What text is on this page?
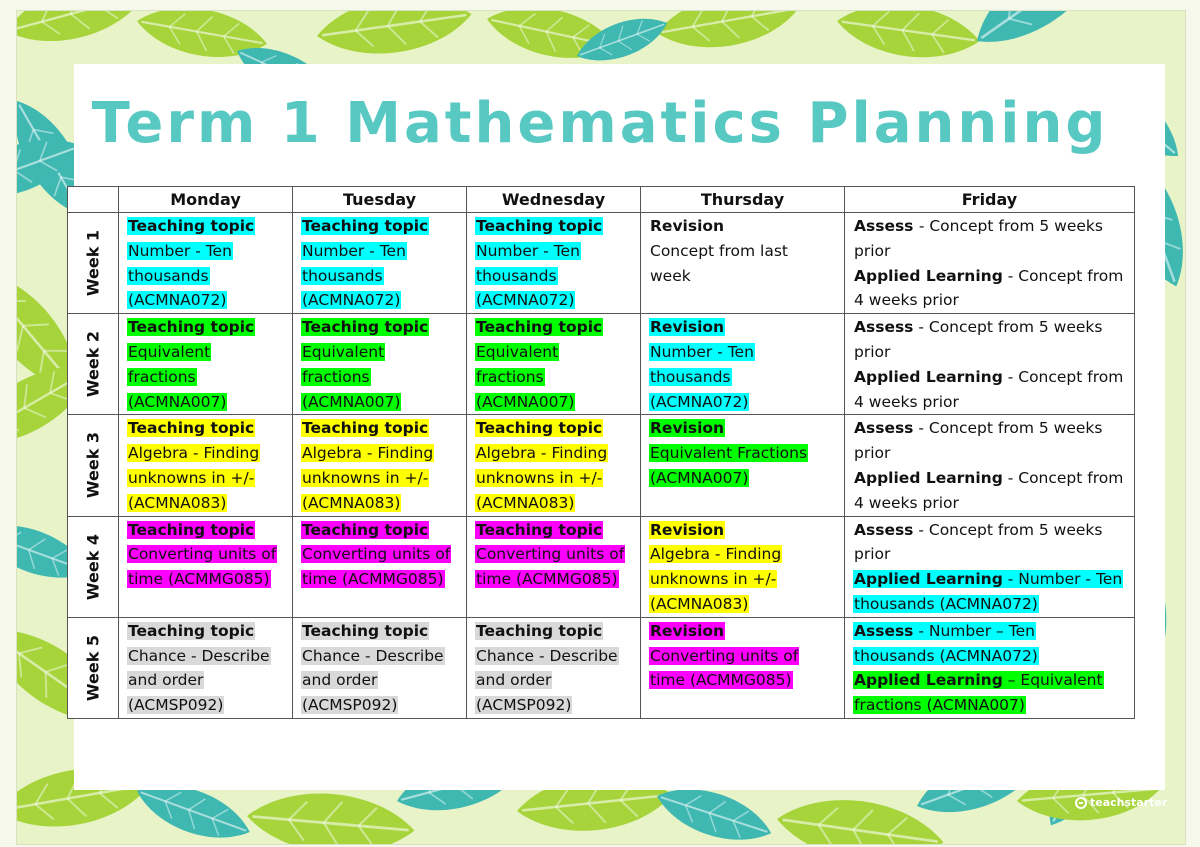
Term 1 Mathematics Planning
	Monday	Tuesday	Wednesday	Thursday	Friday

Week 1	Teaching topic
Number - Ten
thousands
(ACMNA072)	Teaching topic
Number - Ten
thousands
(ACMNA072)	Teaching topic
Number - Ten
thousands
(ACMNA072)	Revision
Concept from last
week	Assess - Concept from 5 weeks
prior
Applied Learning - Concept from
4 weeks prior

Week 2	Teaching topic
Equivalent
fractions
(ACMNA007)	Teaching topic
Equivalent
fractions
(ACMNA007)	Teaching topic
Equivalent
fractions
(ACMNA007)	Revision
Number - Ten
thousands
(ACMNA072)	Assess - Concept from 5 weeks
prior
Applied Learning - Concept from
4 weeks prior

Week 3	Teaching topic
Algebra - Finding
unknowns in +/-
(ACMNA083)	Teaching topic
Algebra - Finding
unknowns in +/-
(ACMNA083)	Teaching topic
Algebra - Finding
unknowns in +/-
(ACMNA083)	Revision
Equivalent Fractions
(ACMNA007)	Assess - Concept from 5 weeks
prior
Applied Learning - Concept from
4 weeks prior

Week 4	Teaching topic
Converting units of
time (ACMMG085)	Teaching topic
Converting units of
time (ACMMG085)	Teaching topic
Converting units of
time (ACMMG085)	Revision
Algebra - Finding
unknowns in +/-
(ACMNA083)	Assess - Concept from 5 weeks
prior
Applied Learning - Number - Ten
thousands (ACMNA072)

Week 5	Teaching topic
Chance - Describe
and order
(ACMSP092)	Teaching topic
Chance - Describe
and order
(ACMSP092)	Teaching topic
Chance - Describe
and order
(ACMSP092)	Revision
Converting units of
time (ACMMG085)	Assess - Number – Ten
thousands (ACMNA072)
Applied Learning – Equivalent
fractions (ACMNA007)

teachstarter
